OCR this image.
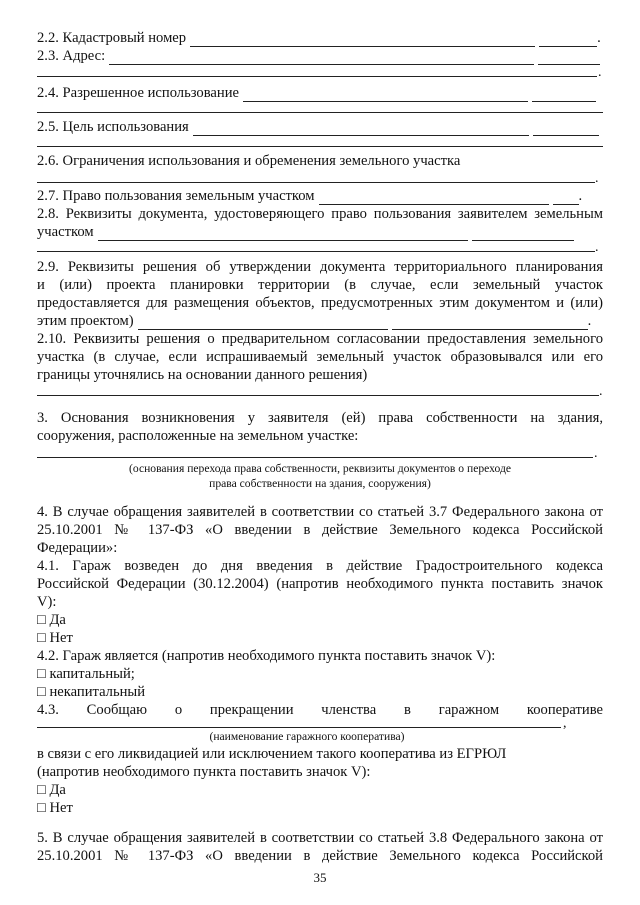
2.2. Кадастровый номер	.
2.3. Адрес:
.
2.4. Разрешенное использование
2.5. Цель использования
2.6. Ограничения использования и обременения земельного участка
.
2.7. Право пользования земельным участком	.
2.8. Реквизиты документа, удостоверяющего право пользования заявителем земельным
участком
.
2.9. Реквизиты решения об утверждении документа территориального планирования
и (или) проекта планировки территории (в случае, если земельный участок
предоставляется для размещения объектов, предусмотренных этим документом и (или)
этим проектом)	.
2.10. Реквизиты решения о предварительном согласовании предоставления земельного
участка (в случае, если испрашиваемый земельный участок образовывался или его
границы уточнялись на основании данного решения)
.
3. Основания возникновения у заявителя (ей) права собственности на здания,
сооружения, расположенные на земельном участке:
.
(основания перехода права собственности, реквизиты документов о переходе
права собственности на здания, сооружения)
4. В случае обращения заявителей в соответствии со статьей 3.7 Федерального закона от
25.10.2001 № 137-ФЗ «О введении в действие Земельного кодекса Российской
Федерации»:
4.1. Гараж возведен до дня введения в действие Градостроительного кодекса
Российской Федерации (30.12.2004) (напротив необходимого пункта поставить значок
V):
□ Да
□ Нет
4.2. Гараж является (напротив необходимого пункта поставить значок V):
□ капитальный;
□ некапитальный
4.3. Сообщаю о прекращении членства в гаражном кооперативе
,
(наименование гаражного кооператива)
в связи с его ликвидацией или исключением такого кооператива из ЕГРЮЛ
(напротив необходимого пункта поставить значок V):
□ Да
□ Нет
5. В случае обращения заявителей в соответствии со статьей 3.8 Федерального закона от
25.10.2001 № 137-ФЗ «О введении в действие Земельного кодекса Российской
35
